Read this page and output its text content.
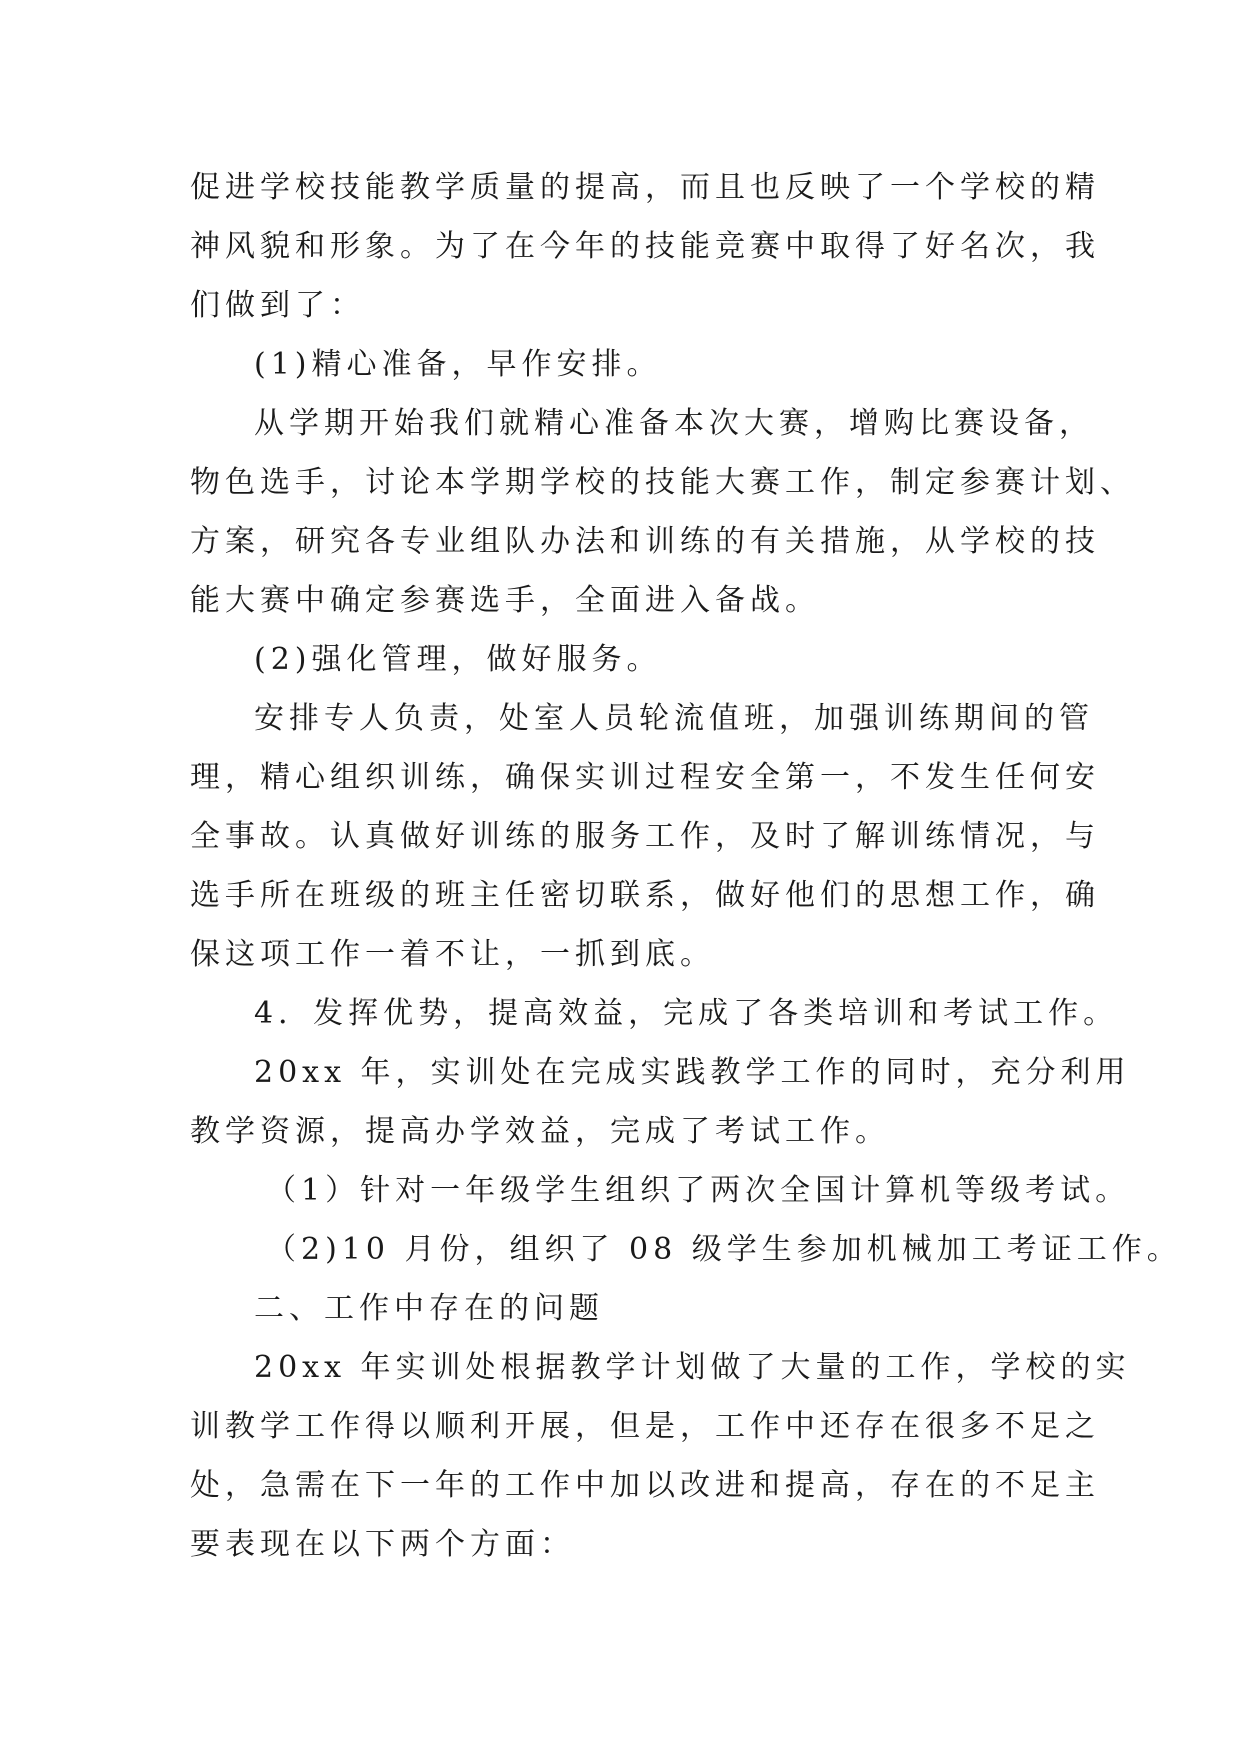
促进学校技能教学质量的提高，而且也反映了一个学校的精
神风貌和形象。为了在今年的技能竞赛中取得了好名次，我
们做到了：
(1)精心准备，早作安排。
从学期开始我们就精心准备本次大赛，增购比赛设备，
物色选手，讨论本学期学校的技能大赛工作，制定参赛计划、
方案，研究各专业组队办法和训练的有关措施，从学校的技
能大赛中确定参赛选手，全面进入备战。
(2)强化管理，做好服务。
安排专人负责，处室人员轮流值班，加强训练期间的管
理，精心组织训练，确保实训过程安全第一，不发生任何安
全事故。认真做好训练的服务工作，及时了解训练情况，与
选手所在班级的班主任密切联系，做好他们的思想工作，确
保这项工作一着不让，一抓到底。
4．发挥优势，提高效益，完成了各类培训和考试工作。
20xx 年，实训处在完成实践教学工作的同时，充分利用
教学资源，提高办学效益，完成了考试工作。
（1）针对一年级学生组织了两次全国计算机等级考试。
（2)10 月份，组织了 08 级学生参加机械加工考证工作。
二、工作中存在的问题
20xx 年实训处根据教学计划做了大量的工作，学校的实
训教学工作得以顺利开展，但是，工作中还存在很多不足之
处，急需在下一年的工作中加以改进和提高，存在的不足主
要表现在以下两个方面：
